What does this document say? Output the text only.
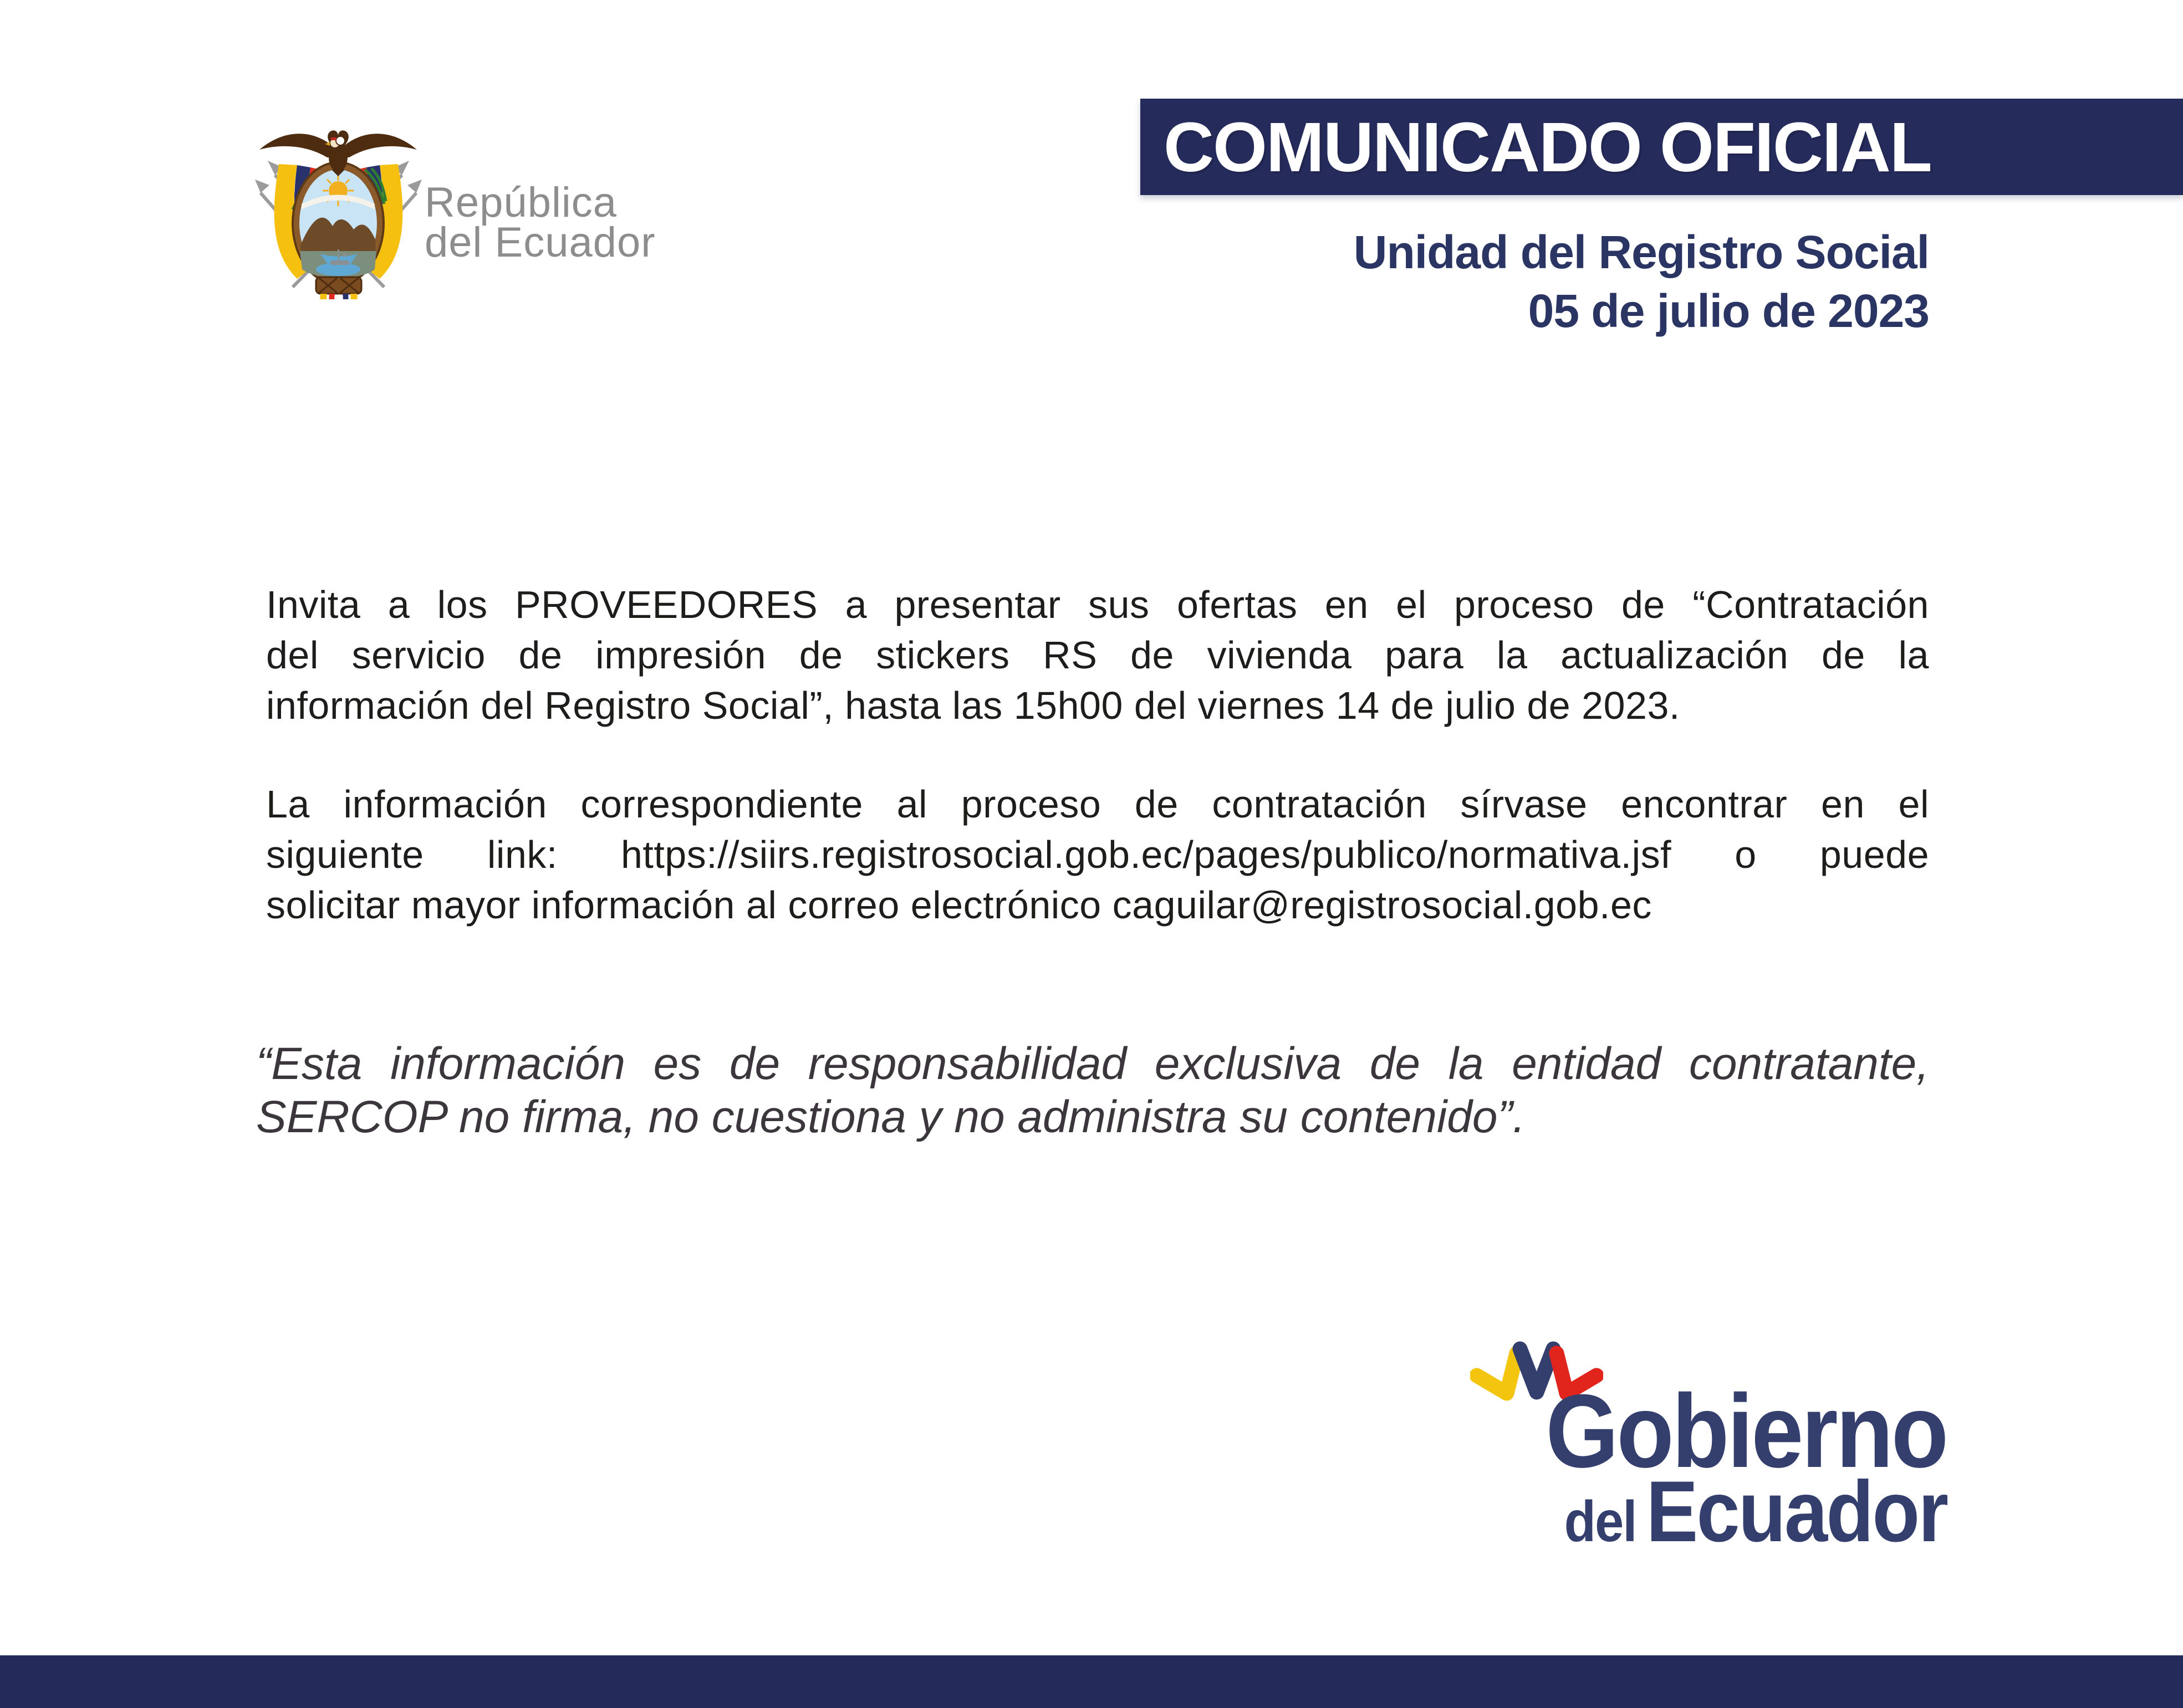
República
del Ecuador
COMUNICADO OFICIAL
Unidad del Registro Social
05 de julio de 2023
Invita a los PROVEEDORES a presentar sus ofertas en el proceso de “Contratación
del servicio de impresión de stickers RS de vivienda para la actualización de la
información del Registro Social”, hasta las 15h00 del viernes 14 de julio de 2023.
La información correspondiente al proceso de contratación sírvase encontrar en el
siguiente link: https://siirs.registrosocial.gob.ec/pages/publico/normativa.jsf o puede
solicitar mayor información al correo electrónico caguilar@registrosocial.gob.ec
“Esta información es de responsabilidad exclusiva de la entidad contratante,
SERCOP no firma, no cuestiona y no administra su contenido”.
Gobierno
del Ecuador
